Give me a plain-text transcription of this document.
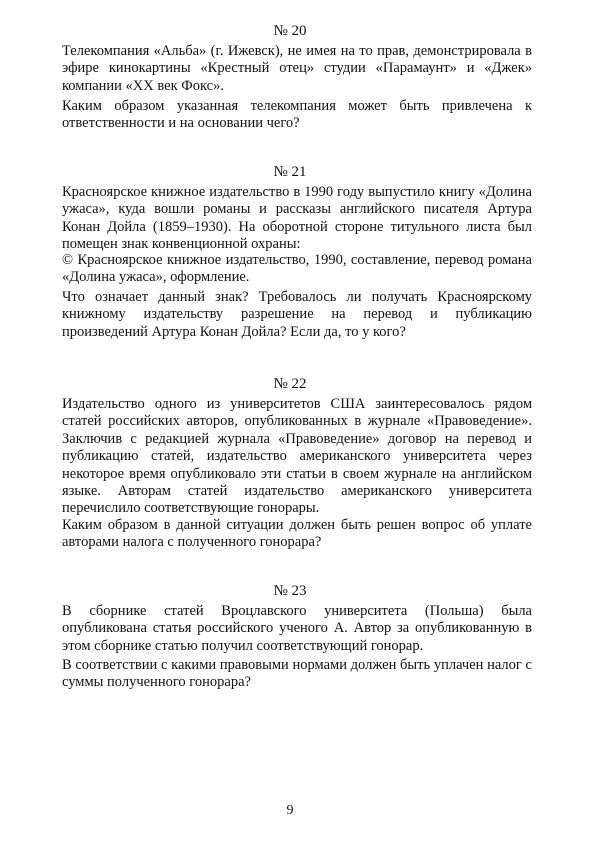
№ 20

Телекомпания «Альба» (г. Ижевск), не имея на то прав, демонстрировала в эфире кинокартины «Крестный отец» студии «Парамаунт» и «Джек» компании «XX век Фокс».

Каким образом указанная телекомпания может быть привлечена к ответственности и на основании чего?

№ 21

Красноярское книжное издательство в 1990 году выпустило книгу «Долина ужаса», куда вошли романы и рассказы английского писателя Артура Конан Дойла (1859–1930). На оборотной стороне титульного листа был помещен знак конвенционной охраны:

© Красноярское книжное издательство, 1990, составление, перевод романа «Долина ужаса», оформление.

Что означает данный знак? Требовалось ли получать Красноярскому книжному издательству разрешение на перевод и публикацию произведений Артура Конан Дойла? Если да, то у кого?

№ 22

Издательство одного из университетов США заинтересовалось рядом статей российских авторов, опубликованных в журнале «Правоведение». Заключив с редакцией журнала «Правоведение» договор на перевод и публикацию статей, издательство американского университета через некоторое время опубликовало эти статьи в своем журнале на английском языке. Авторам статей издательство американского университета перечислило соответствующие гонорары.

Каким образом в данной ситуации должен быть решен вопрос об уплате авторами налога с полученного гонорара?

№ 23

В сборнике статей Вроцлавского университета (Польша) была опубликована статья российского ученого А. Автор за опубликованную в этом сборнике статью получил соответствующий гонорар.

В соответствии с какими правовыми нормами должен быть уплачен налог с суммы полученного гонорара?

9
